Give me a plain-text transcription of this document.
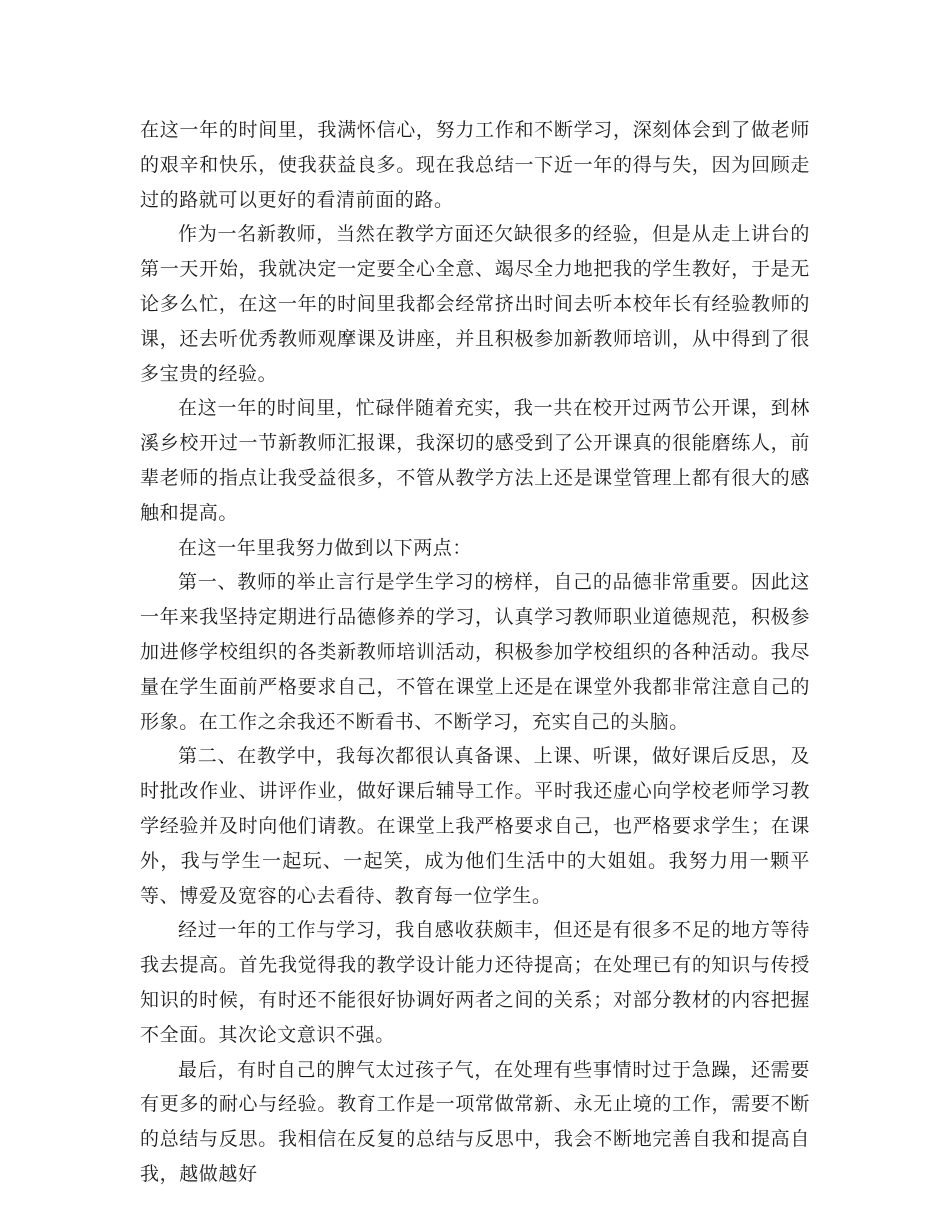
在这一年的时间里，我满怀信心，努力工作和不断学习，深刻体会到了做老师的艰辛和快乐，使我获益良多。现在我总结一下近一年的得与失，因为回顾走过的路就可以更好的看清前面的路。

作为一名新教师，当然在教学方面还欠缺很多的经验，但是从走上讲台的第一天开始，我就决定一定要全心全意、竭尽全力地把我的学生教好，于是无论多么忙，在这一年的时间里我都会经常挤出时间去听本校年长有经验教师的课，还去听优秀教师观摩课及讲座，并且积极参加新教师培训，从中得到了很多宝贵的经验。

在这一年的时间里，忙碌伴随着充实，我一共在校开过两节公开课，到林溪乡校开过一节新教师汇报课，我深切的感受到了公开课真的很能磨练人，前辈老师的指点让我受益很多，不管从教学方法上还是课堂管理上都有很大的感触和提高。

在这一年里我努力做到以下两点：

第一、教师的举止言行是学生学习的榜样，自己的品德非常重要。因此这一年来我坚持定期进行品德修养的学习，认真学习教师职业道德规范，积极参加进修学校组织的各类新教师培训活动，积极参加学校组织的各种活动。我尽量在学生面前严格要求自己，不管在课堂上还是在课堂外我都非常注意自己的形象。在工作之余我还不断看书、不断学习，充实自己的头脑。

第二、在教学中，我每次都很认真备课、上课、听课，做好课后反思，及时批改作业、讲评作业，做好课后辅导工作。平时我还虚心向学校老师学习教学经验并及时向他们请教。在课堂上我严格要求自己，也严格要求学生；在课外，我与学生一起玩、一起笑，成为他们生活中的大姐姐。我努力用一颗平等、博爱及宽容的心去看待、教育每一位学生。

经过一年的工作与学习，我自感收获颇丰，但还是有很多不足的地方等待我去提高。首先我觉得我的教学设计能力还待提高；在处理已有的知识与传授知识的时候，有时还不能很好协调好两者之间的关系；对部分教材的内容把握不全面。其次论文意识不强。

最后，有时自己的脾气太过孩子气，在处理有些事情时过于急躁，还需要有更多的耐心与经验。教育工作是一项常做常新、永无止境的工作，需要不断的总结与反思。我相信在反复的总结与反思中，我会不断地完善自我和提高自我，越做越好
